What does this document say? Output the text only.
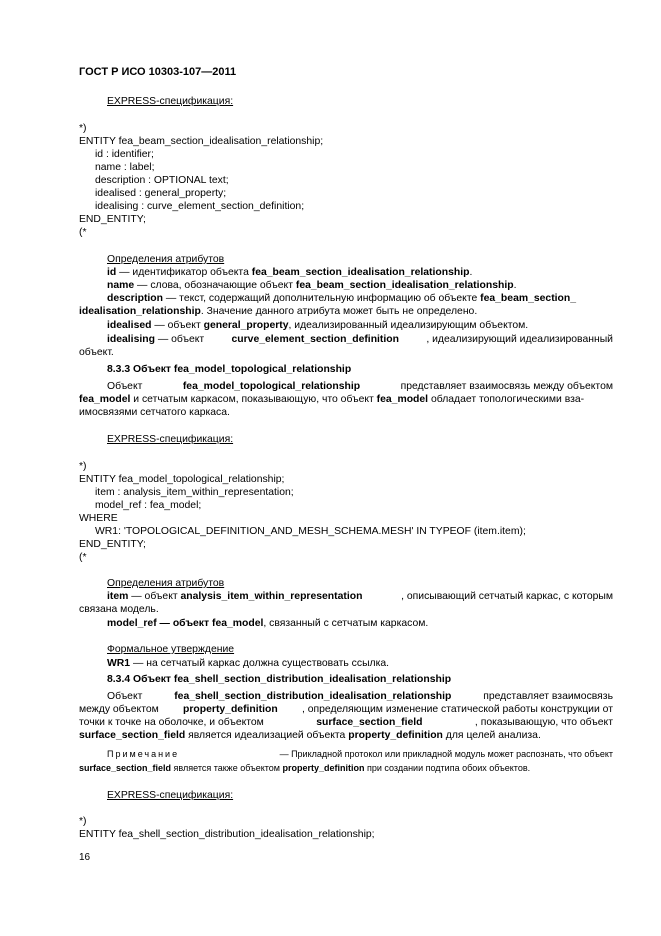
ГОСТ Р ИСО 10303-107—2011
EXPRESS-спецификация:
*)
ENTITY fea_beam_section_idealisation_relationship;
id : identifier;
name : label;
description : OPTIONAL text;
idealised : general_property;
idealising : curve_element_section_definition;
END_ENTITY;
(*
Определения атрибутов
id — идентификатор объекта fea_beam_section_idealisation_relationship.
name — слова, обозначающие объект fea_beam_section_idealisation_relationship.
description — текст, содержащий дополнительную информацию об объекте fea_beam_section_
idealisation_relationship. Значение данного атрибута может быть не определено.
idealised — объект general_property, идеализированный идеализирующим объектом.
idealising — объект	curve_element_section_definition	, идеализирующий идеализированный
объект.
8.3.3 Объект fea_model_topological_relationship
Объект	fea_model_topological_relationship	представляет взаимосвязь между объектом
fea_model и сетчатым каркасом, показывающую, что объект fea_model обладает топологическими вза-
имосвязями сетчатого каркаса.
EXPRESS-спецификация:
*)
ENTITY fea_model_topological_relationship;
item : analysis_item_within_representation;
model_ref : fea_model;
WHERE
WR1: 'TOPOLOGICAL_DEFINITION_AND_MESH_SCHEMA.MESH' IN TYPEOF (item.item);
END_ENTITY;
(*
Определения атрибутов
item — объект analysis_item_within_representation	, описывающий сетчатый каркас, с которым
связана модель.
model_ref — объект fea_model, связанный с сетчатым каркасом.
Формальное утверждение
WR1 — на сетчатый каркас должна существовать ссылка.
8.3.4 Объект fea_shell_section_distribution_idealisation_relationship
Объект	fea_shell_section_distribution_idealisation_relationship	представляет взаимосвязь
между объектом property_definition , определяющим изменение статической работы конструкции от
точки к точке на оболочке, и объектом	surface_section_field	, показывающую, что объект
surface_section_field является идеализацией объекта property_definition для целей анализа.
Примечание	— Прикладной протокол или прикладной модуль может распознать, что объект
surface_section_field является также объектом property_definition при создании подтипа обоих объектов.
EXPRESS-спецификация:
*)
ENTITY fea_shell_section_distribution_idealisation_relationship;
16
